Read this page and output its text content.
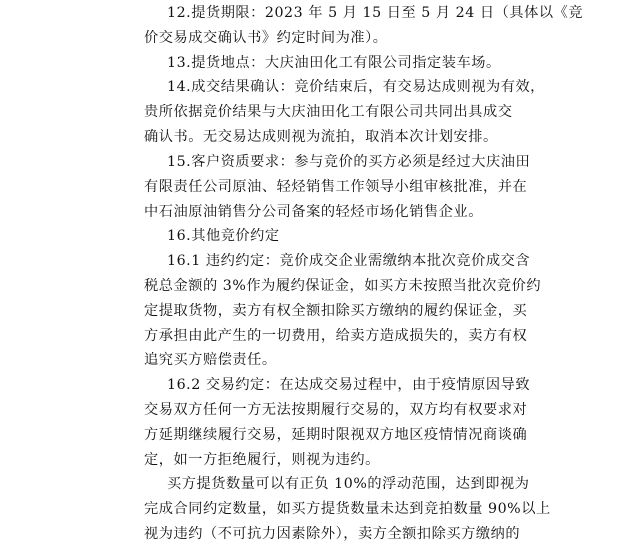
12.提货期限：2023 年 5 月 15 日至 5 月 24 日（具体以《竞
价交易成交确认书》约定时间为准）。
13.提货地点：大庆油田化工有限公司指定装车场。
14.成交结果确认：竞价结束后，有交易达成则视为有效，
贵所依据竞价结果与大庆油田化工有限公司共同出具成交
确认书。无交易达成则视为流拍，取消本次计划安排。
15.客户资质要求：参与竞价的买方必须是经过大庆油田
有限责任公司原油、轻烃销售工作领导小组审核批准，并在
中石油原油销售分公司备案的轻烃市场化销售企业。
16.其他竞价约定
16.1 违约约定：竞价成交企业需缴纳本批次竞价成交含
税总金额的 3%作为履约保证金，如买方未按照当批次竞价约
定提取货物，卖方有权全额扣除买方缴纳的履约保证金，买
方承担由此产生的一切费用，给卖方造成损失的，卖方有权
追究买方赔偿责任。
16.2 交易约定：在达成交易过程中，由于疫情原因导致
交易双方任何一方无法按期履行交易的，双方均有权要求对
方延期继续履行交易，延期时限视双方地区疫情情况商谈确
定，如一方拒绝履行，则视为违约。
买方提货数量可以有正负 10%的浮动范围，达到即视为
完成合同约定数量，如买方提货数量未达到竞拍数量 90%以上
视为违约（不可抗力因素除外），卖方全额扣除买方缴纳的
